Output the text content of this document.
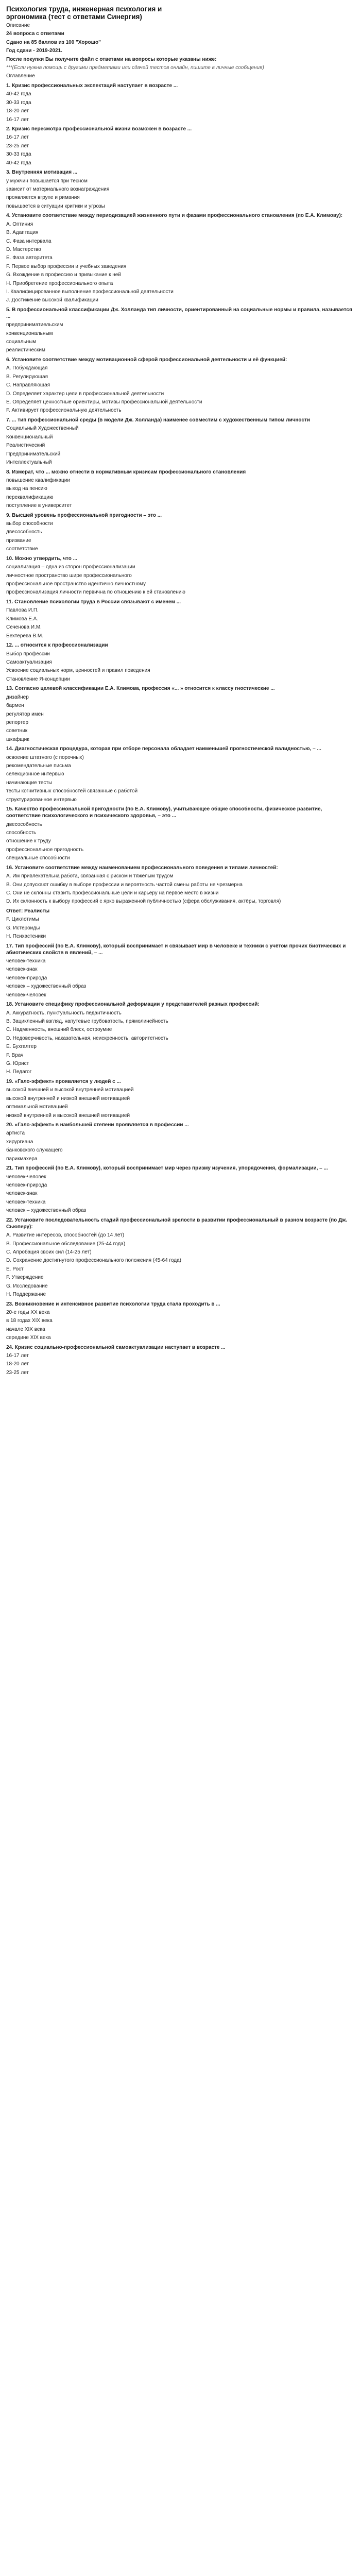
Психология труда, инженерная психология и
эргономика (тест с ответами Синергия)
Описание
24 вопроса с ответами
Сдано на 85 баллов из 100 "Хорошо"
Год сдачи - 2019-2021.
После покупки Вы получите файл с ответами на вопросы которые указаны ниже:
***(Если нужна помощь с другими предметами или сдачей тестов онлайн, пишите в личные сообщения)
Оглавление
1. Кризис профессиональных экспектаций наступает в возрасте ...
40-42 года
30-33 года
18-20 лет
16-17 лет
2. Кризис пересмотра профессиональной жизни возможен в возрасте ...
16-17 лет
23-25 лет
30-33 года
40-42 года
3. Внутренняя мотивация ...
у мужчин повышается при тесном
зависит от материального вознаграждения
проявляется вгрупе и римания
повышается в ситуации критики и угрозы
4. Установите соответствие между периодизацией жизненного пути и фазами профессионального становления (по Е.А. Климову):
A. Оптиния
B. Адаптация
C. Фаза интервала
D. Мастерство
E. Фаза авторитета
F. Первое выбор профессии и учебных заведения
G. Вхождение в профессию и привыкание к ней
H. Приобретение профессионального опыта
I. Квалифицированное выполнение профессиональной деятельности
J. Достижение высокой квалификации
5. В профессиональной классификации Дж. Холланда тип личности, ориентированный на социальные нормы и правила, называется ...
предприниматиельским
конвенциональным
социальным
реалистическим
6. Установите соответствие между мотивационной сферой профессиональной деятельности и её функцией:
A. Побуждающая
B. Регулирующая
C. Направляющая
D. Определяет характер цели в профессиональной деятельности
E. Определяет ценностные ориентиры, мотивы профессиональной деятельности
F. Активирует профессиональную деятельность
7. ... тип профессиональной среды (в модели Дж. Холланда) наименее совместим с художественным типом личности
Социальный Художественный
Конвенциональный
Реалистический
Предпринимательский
Интеллектуальный
8. Измерат, что ... можно отнести в нормативным кризисам профессионального становления
повышение квалификации
выход на пенсию
переквалификацию
поступление в университет
9. Высшей уровень профессиональной пригодности – это ...
выбор способности
двесособность
призвание
соответствие
10. Можно утвердить, что ...
социализация – одна из сторон профессионализации
личностное пространство шире профессионального
профессиональное пространство идентично личностному
профессионализация личности первична по отношению к ей становлению
11. Становление психологии труда в России связывают с именем ...
Павлова И.П.
Климова Е.А.
Сеченова И.М.
Бехтерева В.М.
12. ... относится к профессионализации
Выбор профессии
Самоактуализация
Усвоение социальных норм, ценностей и правил поведения
Становление Я-концепции
13. Согласно целевой классификации Е.А. Климова, профессия «... » относится к классу гностические ...
дизайнер
бармен
регулятор имен
репортер
советник
шкафщик
14. Диагностическая процедура, которая при отборе персонала обладает наименьшей прогностической валидностью, – ...
освоение штатного (с порочных)
рекомендательные письма
селекционное интервью
начинающие тесты
тесты когнитивных способностей связанные с работой
структурированное интервью
15. Качество профессиональной пригодности (по Е.А. Климову), учитывающее общие способности, физическое развитие, соответствие психологического и психического здоровья, – это ...
двесособность
способность
отношение к труду
профессиональное пригодность
специальные способности
16. Установите соответствие между наименованием профессионального поведения и типами личностей:
A. Им привлекательна работа, связанная с риском и тяжелым трудом
B. Они допускают ошибку в выборе профессии и вероятность частой смены работы не чрезмерна
C. Они не склонны ставить профессиональные цели и карьеру на первое место в жизни
D. Их склонность к выбору профессий с ярко выраженной публичностью (сфера обслуживания, актёры, торговля)
Ответ: Реалисты
F. Циклотимы
G. Истероиды
H. Психастеники
17. Тип профессий (по Е.А. Климову), который воспринимает и связывает мир в человеке и техники с учётом прочих биотических и абиотических свойств в явлений, – ...
человек-техника
человек-знак
человек-природа
человек – художественный образ
человек-человек
18. Установите специфику профессиональной деформации у представителей разных профессий:
A. Аккуратность, пунктуальность педантичность
B. Зацикленный взгляд, напутевые грубоватость, прямолинейность
C. Надменность, внешний блеск, остроумие
D. Недоверчивость, наказательная, неискренность, авторитетность
E. Бухгалтер
F. Врач
G. Юрист
H. Педагог
19. «Гало-эффект» проявляется у людей с ...
высокой внешней и высокой внутренней мотивацией
высокой внутренней и низкой внешней мотивацией
оптимальной мотивацией
низкой внутренней и высокой внешней мотивацией
20. «Гало-эффект» в наибольшей степени проявляется в профессии ...
артиста
хирургиана
банковского служащего
парикмахера
21. Тип профессий (по Е.А. Климову), который воспринимает мир через призму изучения, упорядочения, формализации, – ...
человек-человек
человек-природа
человек-знак
человек-техника
человек – художественный образ
22. Установите последовательность стадий профессиональной зрелости в развитии профессиональный в разном возрасте (по Дж. Сьюперу):
A. Развитие интересов, способностей (до 14 лет)
B. Профессиональное обследование (25-44 года)
C. Апробация своих сил (14-25 лет)
D. Сохранение достигнутого профессионального положения (45-64 года)
E. Рост
F. Утверждение
G. Исследование
H. Поддержание
23. Возникновение и интенсивное развитие психологии труда стала проходить в ...
20-е годы XX века
в 18 годах XIX века
начале XIX века
середине XIX века
24. Кризис социально-профессиональной самоактуализации наступает в возрасте ...
16-17 лет
18-20 лет
23-25 лет
